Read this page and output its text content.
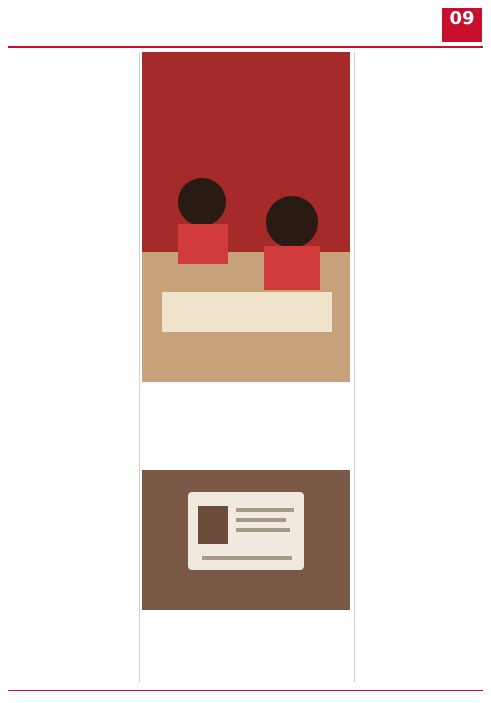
09
